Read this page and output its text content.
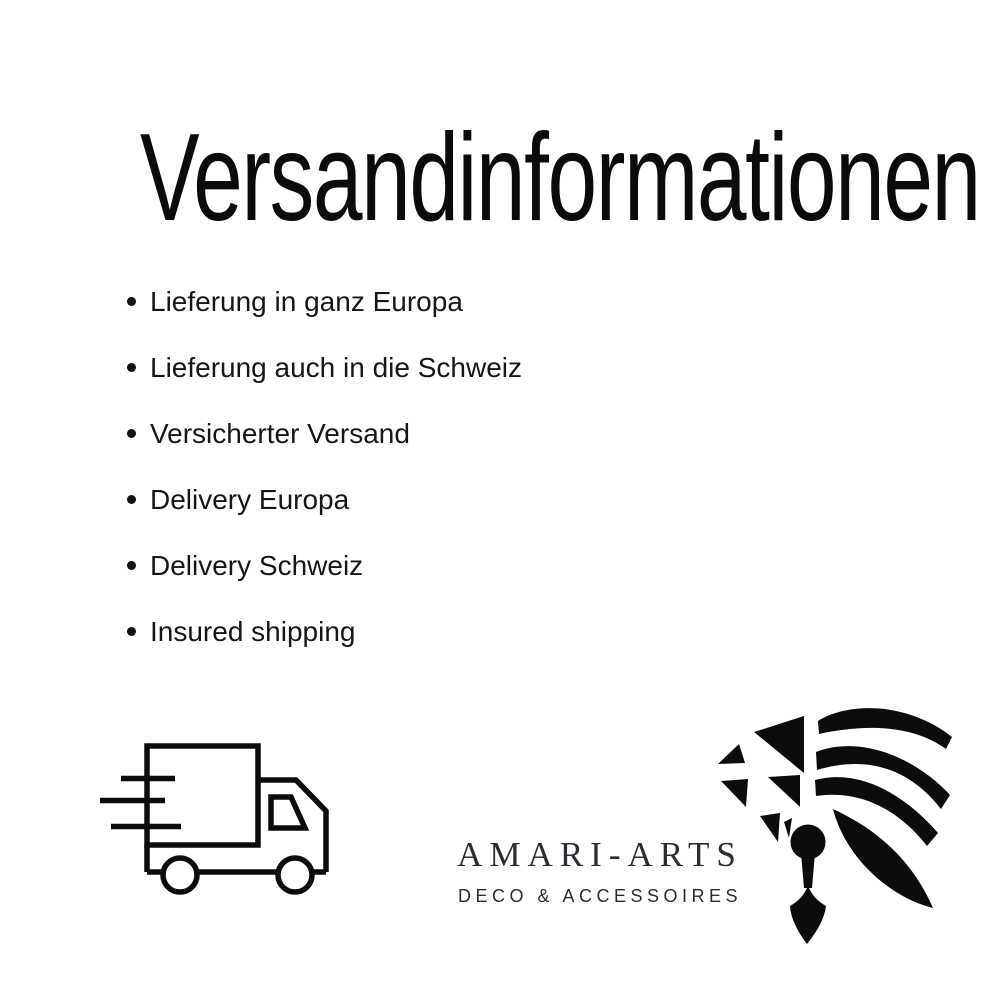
Versandinformationen
Lieferung in ganz Europa
Lieferung auch in die Schweiz
Versicherter Versand
Delivery Europa
Delivery Schweiz
Insured shipping
AMARI-ARTS
DECO & ACCESSOIRES
